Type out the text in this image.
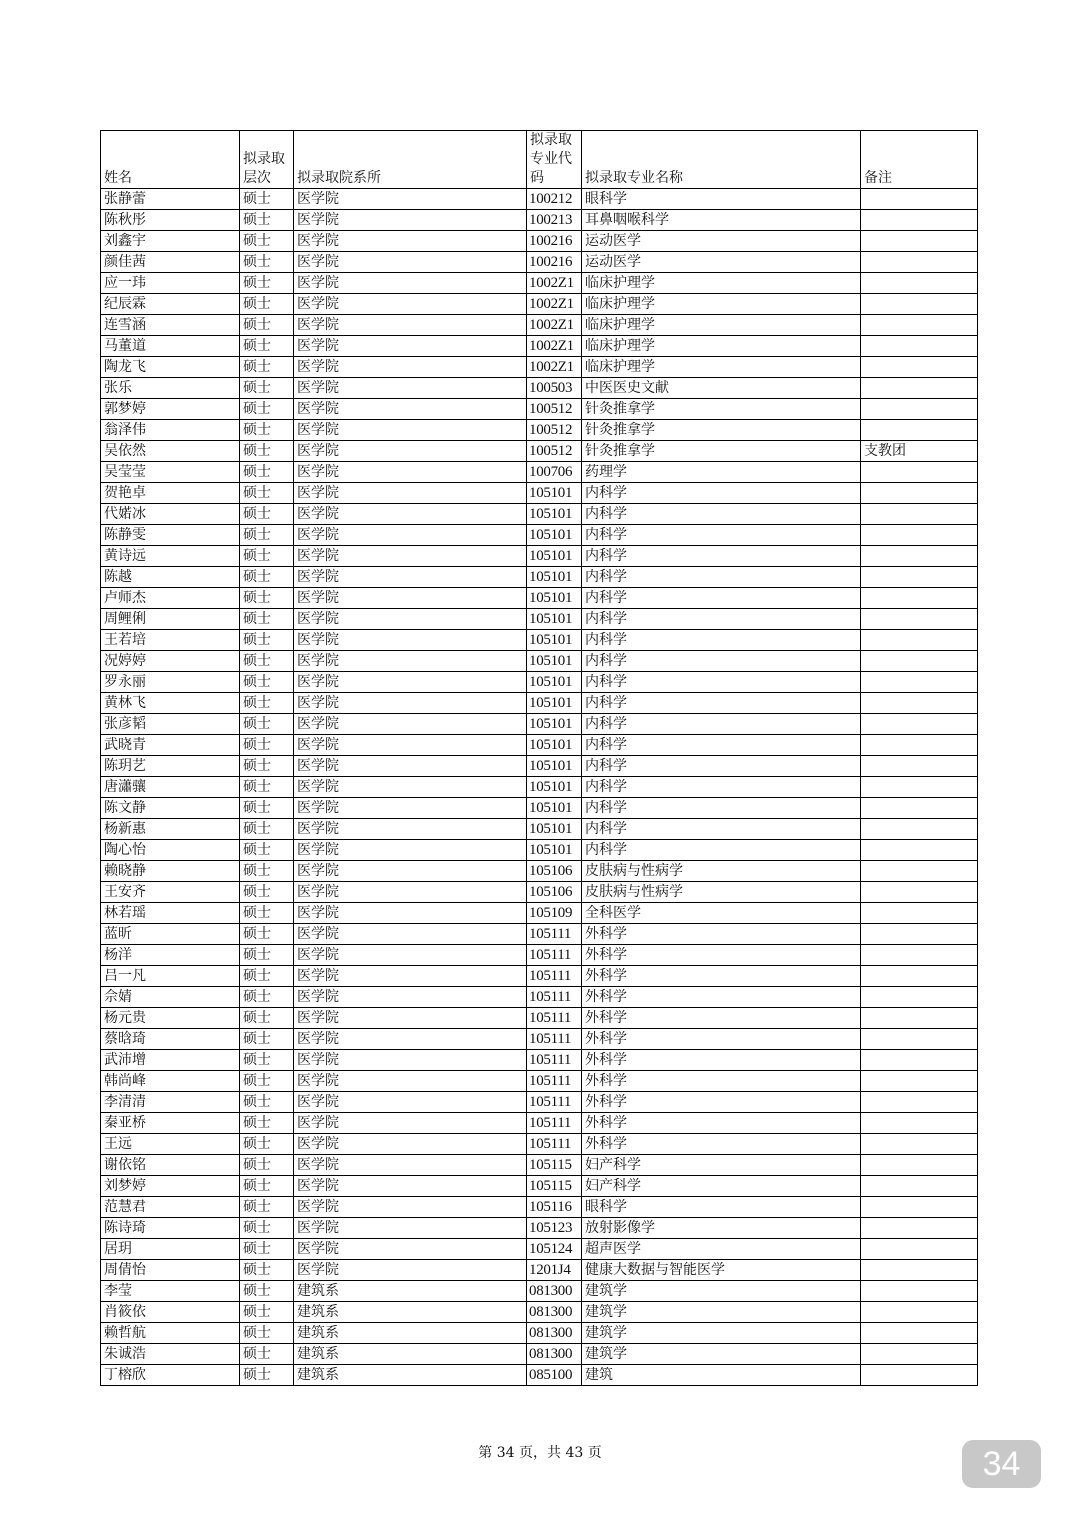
姓名	拟录取层次	拟录取院系所	拟录取专业代码	拟录取专业名称	备注
张静蕾	硕士	医学院	100212	眼科学	
陈秋彤	硕士	医学院	100213	耳鼻咽喉科学	
刘鑫宇	硕士	医学院	100216	运动医学	
颜佳茜	硕士	医学院	100216	运动医学	
应一玮	硕士	医学院	1002Z1	临床护理学	
纪辰霖	硕士	医学院	1002Z1	临床护理学	
连雪涵	硕士	医学院	1002Z1	临床护理学	
马董道	硕士	医学院	1002Z1	临床护理学	
陶龙飞	硕士	医学院	1002Z1	临床护理学	
张乐	硕士	医学院	100503	中医医史文献	
郭梦婷	硕士	医学院	100512	针灸推拿学	
翁泽伟	硕士	医学院	100512	针灸推拿学	
吴依然	硕士	医学院	100512	针灸推拿学	支教团
吴莹莹	硕士	医学院	100706	药理学	
贺艳卓	硕士	医学院	105101	内科学	
代婼冰	硕士	医学院	105101	内科学	
陈静雯	硕士	医学院	105101	内科学	
黄诗远	硕士	医学院	105101	内科学	
陈越	硕士	医学院	105101	内科学	
卢师杰	硕士	医学院	105101	内科学	
周鲤俐	硕士	医学院	105101	内科学	
王若培	硕士	医学院	105101	内科学	
况婷婷	硕士	医学院	105101	内科学	
罗永丽	硕士	医学院	105101	内科学	
黄林飞	硕士	医学院	105101	内科学	
张彦韬	硕士	医学院	105101	内科学	
武晓青	硕士	医学院	105101	内科学	
陈玥艺	硕士	医学院	105101	内科学	
唐瀟骧	硕士	医学院	105101	内科学	
陈文静	硕士	医学院	105101	内科学	
杨新惠	硕士	医学院	105101	内科学	
陶心怡	硕士	医学院	105101	内科学	
赖晓静	硕士	医学院	105106	皮肤病与性病学	
王安齐	硕士	医学院	105106	皮肤病与性病学	
林若瑶	硕士	医学院	105109	全科医学	
蓝昕	硕士	医学院	105111	外科学	
杨洋	硕士	医学院	105111	外科学	
吕一凡	硕士	医学院	105111	外科学	
佘婧	硕士	医学院	105111	外科学	
杨元贵	硕士	医学院	105111	外科学	
蔡晗琦	硕士	医学院	105111	外科学	
武沛增	硕士	医学院	105111	外科学	
韩尚峰	硕士	医学院	105111	外科学	
李清清	硕士	医学院	105111	外科学	
秦亚桥	硕士	医学院	105111	外科学	
王远	硕士	医学院	105111	外科学	
谢依铭	硕士	医学院	105115	妇产科学	
刘梦婷	硕士	医学院	105115	妇产科学	
范慧君	硕士	医学院	105116	眼科学	
陈诗琦	硕士	医学院	105123	放射影像学	
居玥	硕士	医学院	105124	超声医学	
周倩怡	硕士	医学院	1201J4	健康大数据与智能医学	
李莹	硕士	建筑系	081300	建筑学	
肖筱依	硕士	建筑系	081300	建筑学	
赖哲航	硕士	建筑系	081300	建筑学	
朱诚浩	硕士	建筑系	081300	建筑学	
丁榕欣	硕士	建筑系	085100	建筑	
第 34 页，共 43 页	34
